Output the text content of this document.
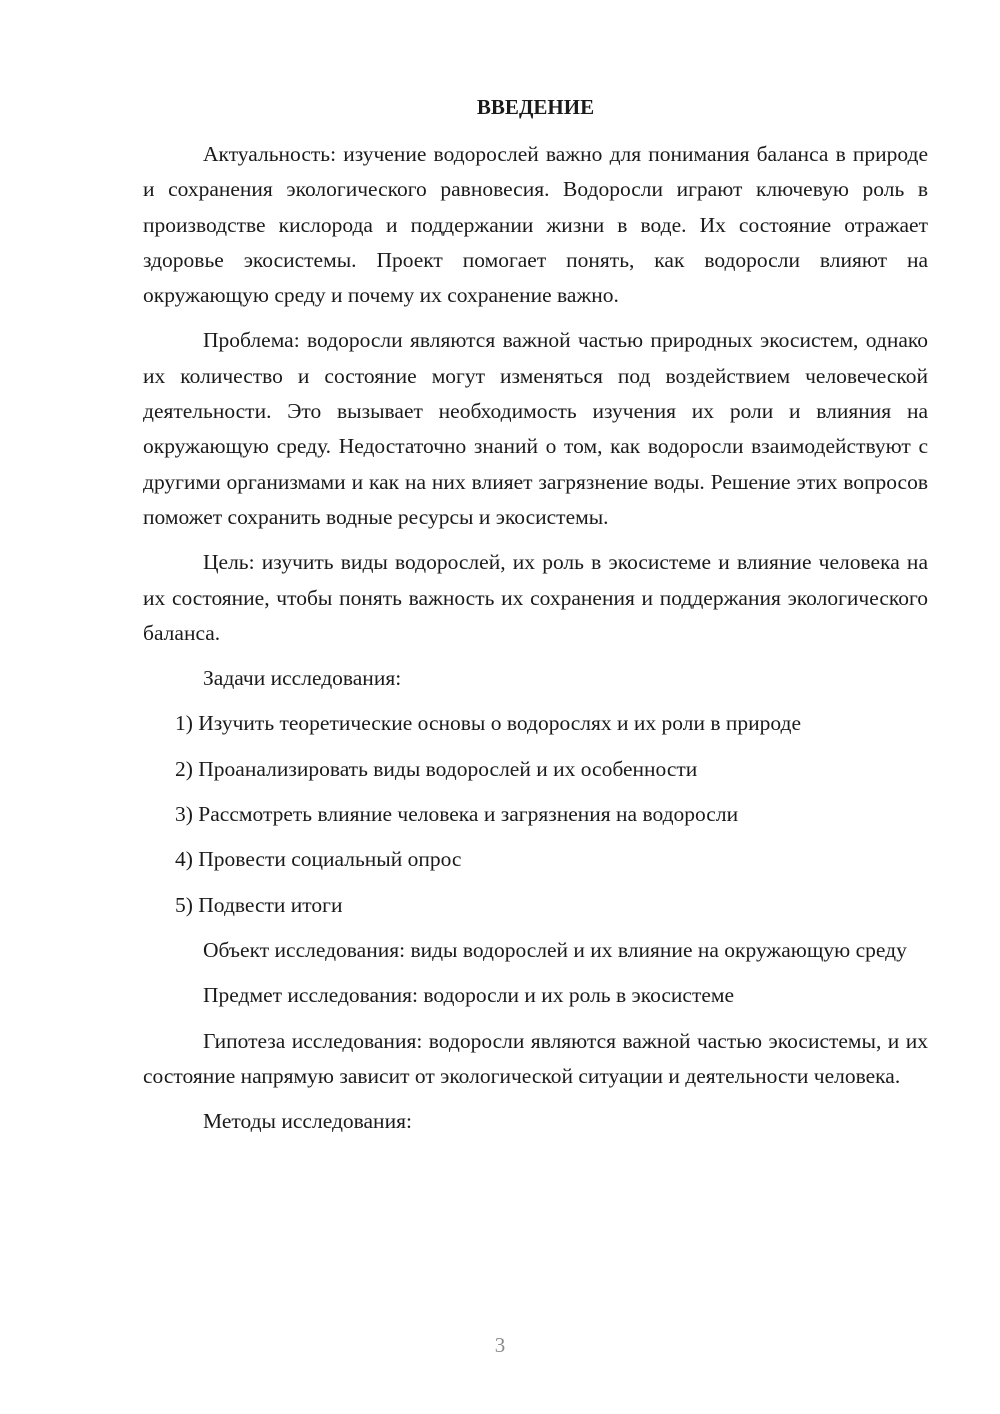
ВВЕДЕНИЕ

Актуальность: изучение водорослей важно для понимания баланса в природе и сохранения экологического равновесия. Водоросли играют ключевую роль в производстве кислорода и поддержании жизни в воде. Их состояние отражает здоровье экосистемы. Проект помогает понять, как водоросли влияют на окружающую среду и почему их сохранение важно.

Проблема: водоросли являются важной частью природных экосистем, однако их количество и состояние могут изменяться под воздействием человеческой деятельности. Это вызывает необходимость изучения их роли и влияния на окружающую среду. Недостаточно знаний о том, как водоросли взаимодействуют с другими организмами и как на них влияет загрязнение воды. Решение этих вопросов поможет сохранить водные ресурсы и экосистемы.

Цель: изучить виды водорослей, их роль в экосистеме и влияние человека на их состояние, чтобы понять важность их сохранения и поддержания экологического баланса.

Задачи исследования:

1) Изучить теоретические основы о водорослях и их роли в природе
2) Проанализировать виды водорослей и их особенности
3) Рассмотреть влияние человека и загрязнения на водоросли
4) Провести социальный опрос
5) Подвести итоги

Объект исследования: виды водорослей и их влияние на окружающую среду

Предмет исследования: водоросли и их роль в экосистеме

Гипотеза исследования: водоросли являются важной частью экосистемы, и их состояние напрямую зависит от экологической ситуации и деятельности человека.

Методы исследования:

3
